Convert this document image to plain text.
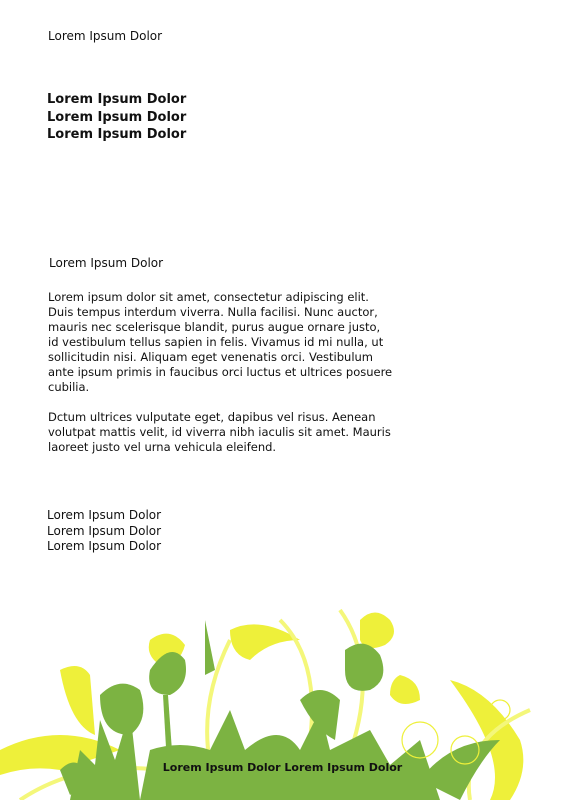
Lorem Ipsum Dolor
Lorem Ipsum Dolor
Lorem Ipsum Dolor
Lorem Ipsum Dolor
Lorem Ipsum Dolor

Lorem ipsum dolor sit amet, consectetur adipiscing elit. Duis tempus interdum viverra. Nulla facilisi. Nunc auctor, mauris nec scelerisque blandit, purus augue ornare justo, id vestibulum tellus sapien in felis. Vivamus id mi nulla, ut sollicitudin nisi. Aliquam eget venenatis orci. Vestibulum ante ipsum primis in faucibus orci luctus et ultrices posuere cubilia.

Dctum ultrices vulputate eget, dapibus vel risus. Aenean volutpat mattis velit, id viverra nibh iaculis sit amet. Mauris laoreet justo vel urna vehicula eleifend.

Lorem Ipsum Dolor
Lorem Ipsum Dolor
Lorem Ipsum Dolor
Lorem Ipsum Dolor Lorem Ipsum Dolor
